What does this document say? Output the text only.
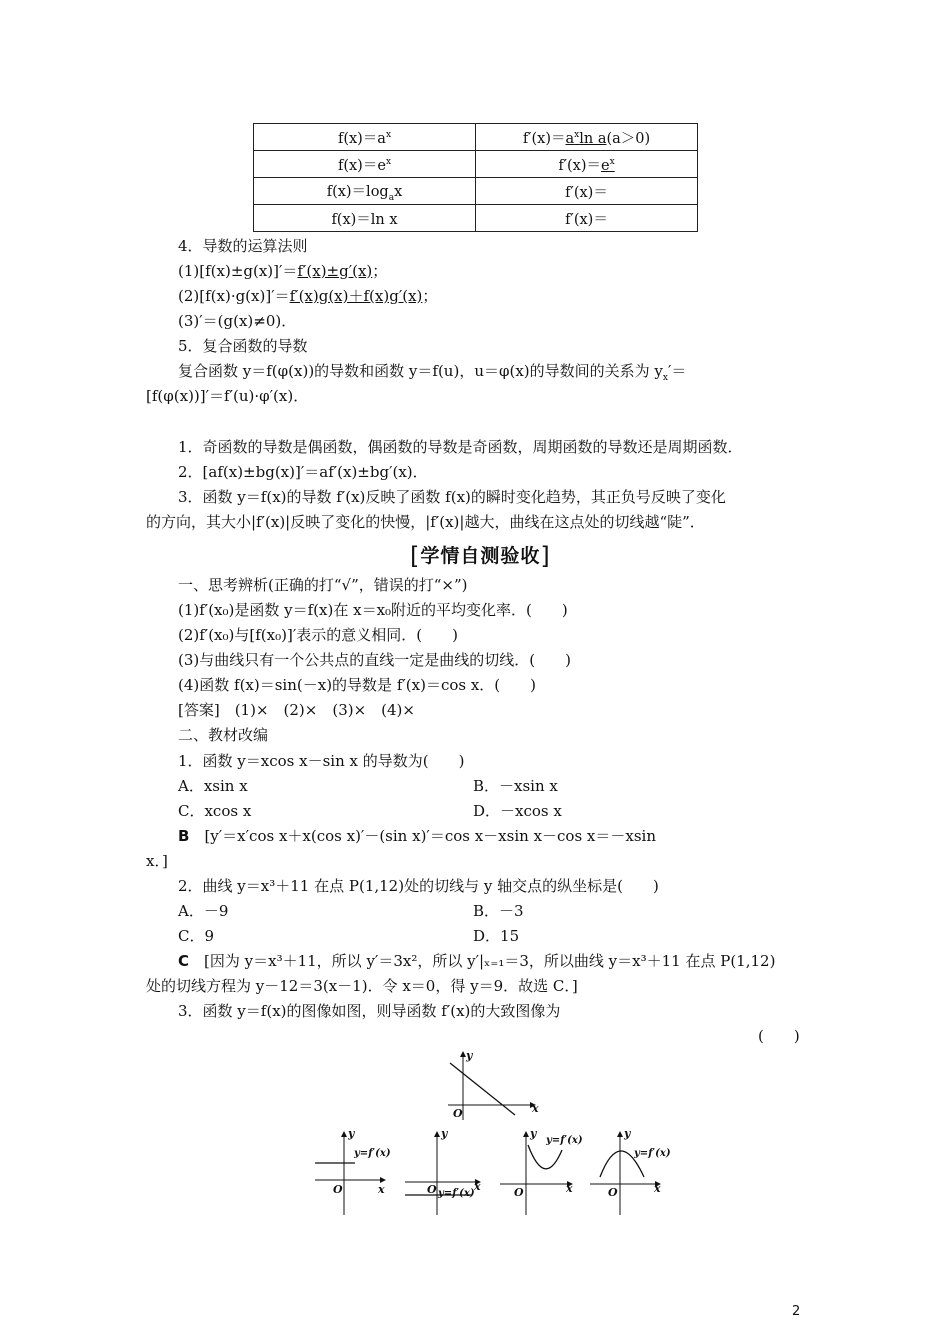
$f(x)=a^x$	$f'(x)=a^x\ln$ a(a＞0)
$f(x)=e^x$	$f'(x)=e^x$
$f(x)=\log_ax$	f′(x)＝
f(x)＝ln x	f′(x)＝
4．导数的运算法则
(1)[f(x)±g(x)]′＝f′(x)±g′(x)；
(2)[f(x)·g(x)]′＝f′(x)g(x)＋f(x)g′(x)；
(3)′＝(g(x)≠0)．
5．复合函数的导数
复合函数 y＝f(φ(x))的导数和函数 y＝f(u)，u＝φ(x)的导数间的关系为 $y_x'=$
[f(φ(x))]′＝f′(u)·φ′(x)．
1．奇函数的导数是偶函数，偶函数的导数是奇函数，周期函数的导数还是周期函数．
2．[af(x)±bg(x)]′＝af′(x)±bg′(x)．
3．函数 y＝f(x)的导数 f′(x)反映了函数 f(x)的瞬时变化趋势，其正负号反映了变化
的方向，其大小|f′(x)|反映了变化的快慢，|f′(x)|越大，曲线在这点处的切线越“陡”．
[学情自测验收]
一、思考辨析(正确的打“√”，错误的打“×”)
(1)f′(x₀)是函数 y＝f(x)在 x＝x₀附近的平均变化率．(　　)
(2)f′(x₀)与[f(x₀)]′表示的意义相同．(　　)
(3)与曲线只有一个公共点的直线一定是曲线的切线．(　　)
(4)函数 f(x)＝sin(－x)的导数是 f′(x)＝cos x．(　　)
[答案]　(1)×　(2)×　(3)×　(4)×
二、教材改编
1．函数 y＝xcos x－sin x 的导数为(　　)
A．xsin x	B．－xsin x
C．xcos x	D．－xcos x
B　 [y′＝x′cos x＋x(cos x)′－(sin x)′＝cos x－xsin x－cos x＝－xsin
x．]
2．曲线 y＝x³＋11 在点 P(1,12)处的切线与 y 轴交点的纵坐标是(　　)
A．－9	B．－3
C．9	D．15
C　 [因为 y＝x³＋11，所以 y′＝3x²，所以 y′|ₓ₌₁＝3，所以曲线 y＝x³＋11 在点 P(1,12)
处的切线方程为 y－12＝3(x－1)．令 x＝0，得 y＝9．故选 C．]
3．函数 y＝f(x)的图像如图，则导函数 f′(x)的大致图像为
(　　)
y
x
O
y
x
O
y=f′(x)
y
x
O y=f′(x)
y
x
O
y=f′(x)
y
x
O
y=f′(x)
2
